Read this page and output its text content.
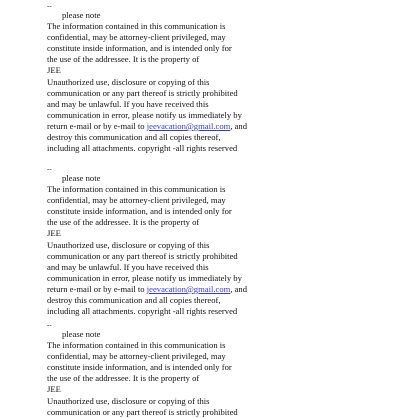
--

please note

The information contained in this communication is

confidential, may be attorney-client privileged, may

constitute inside information, and is intended only for

the use of the addressee. It is the property of

JEE

Unauthorized use, disclosure or copying of this

communication or any part thereof is strictly prohibited

and may be unlawful. If you have received this

communication in error, please notify us immediately by

return e-mail or by e-mail to jeevacation@gmail.com, and

destroy this communication and all copies thereof,

including all attachments. copyright -all rights reserved

--

please note

The information contained in this communication is

confidential, may be attorney-client privileged, may

constitute inside information, and is intended only for

the use of the addressee. It is the property of

JEE

Unauthorized use, disclosure or copying of this

communication or any part thereof is strictly prohibited

and may be unlawful. If you have received this

communication in error, please notify us immediately by

return e-mail or by e-mail to jeevacation@gmail.com, and

destroy this communication and all copies thereof,

including all attachments. copyright -all rights reserved

--

please note

The information contained in this communication is

confidential, may be attorney-client privileged, may

constitute inside information, and is intended only for

the use of the addressee. It is the property of

JEE

Unauthorized use, disclosure or copying of this

communication or any part thereof is strictly prohibited
